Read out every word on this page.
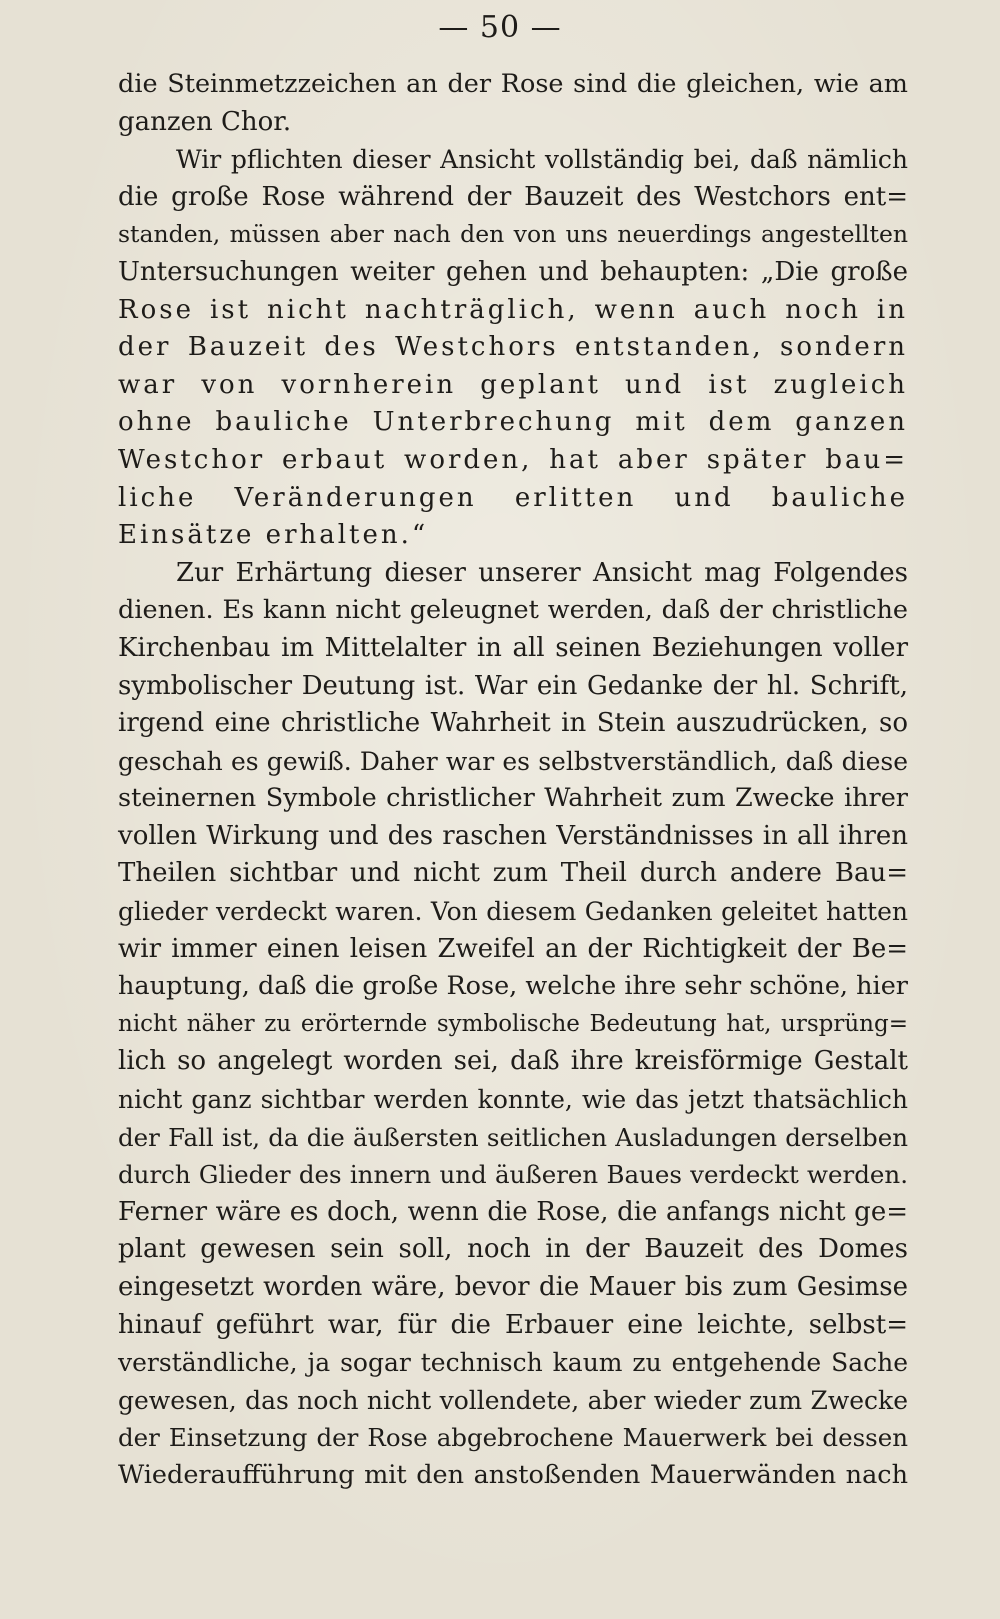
— 50 —
die Steinmetzzeichen an der Rose sind die gleichen, wie am
ganzen Chor.
Wir pflichten dieser Ansicht vollständig bei, daß nämlich
die große Rose während der Bauzeit des Westchors ent=
standen, müssen aber nach den von uns neuerdings angestellten
Untersuchungen weiter gehen und behaupten: „Die große
Rose ist nicht nachträglich, wenn auch noch in
der Bauzeit des Westchors entstanden, sondern
war von vornherein geplant und ist zugleich
ohne bauliche Unterbrechung mit dem ganzen
Westchor erbaut worden, hat aber später bau=
liche Veränderungen erlitten und bauliche
Einsätze erhalten.“
Zur Erhärtung dieser unserer Ansicht mag Folgendes
dienen. Es kann nicht geleugnet werden, daß der christliche
Kirchenbau im Mittelalter in all seinen Beziehungen voller
symbolischer Deutung ist. War ein Gedanke der hl. Schrift,
irgend eine christliche Wahrheit in Stein auszudrücken, so
geschah es gewiß. Daher war es selbstverständlich, daß diese
steinernen Symbole christlicher Wahrheit zum Zwecke ihrer
vollen Wirkung und des raschen Verständnisses in all ihren
Theilen sichtbar und nicht zum Theil durch andere Bau=
glieder verdeckt waren. Von diesem Gedanken geleitet hatten
wir immer einen leisen Zweifel an der Richtigkeit der Be=
hauptung, daß die große Rose, welche ihre sehr schöne, hier
nicht näher zu erörternde symbolische Bedeutung hat, ursprüng=
lich so angelegt worden sei, daß ihre kreisförmige Gestalt
nicht ganz sichtbar werden konnte, wie das jetzt thatsächlich
der Fall ist, da die äußersten seitlichen Ausladungen derselben
durch Glieder des innern und äußeren Baues verdeckt werden.
Ferner wäre es doch, wenn die Rose, die anfangs nicht ge=
plant gewesen sein soll, noch in der Bauzeit des Domes
eingesetzt worden wäre, bevor die Mauer bis zum Gesimse
hinauf geführt war, für die Erbauer eine leichte, selbst=
verständliche, ja sogar technisch kaum zu entgehende Sache
gewesen, das noch nicht vollendete, aber wieder zum Zwecke
der Einsetzung der Rose abgebrochene Mauerwerk bei dessen
Wiederaufführung mit den anstoßenden Mauerwänden nach
